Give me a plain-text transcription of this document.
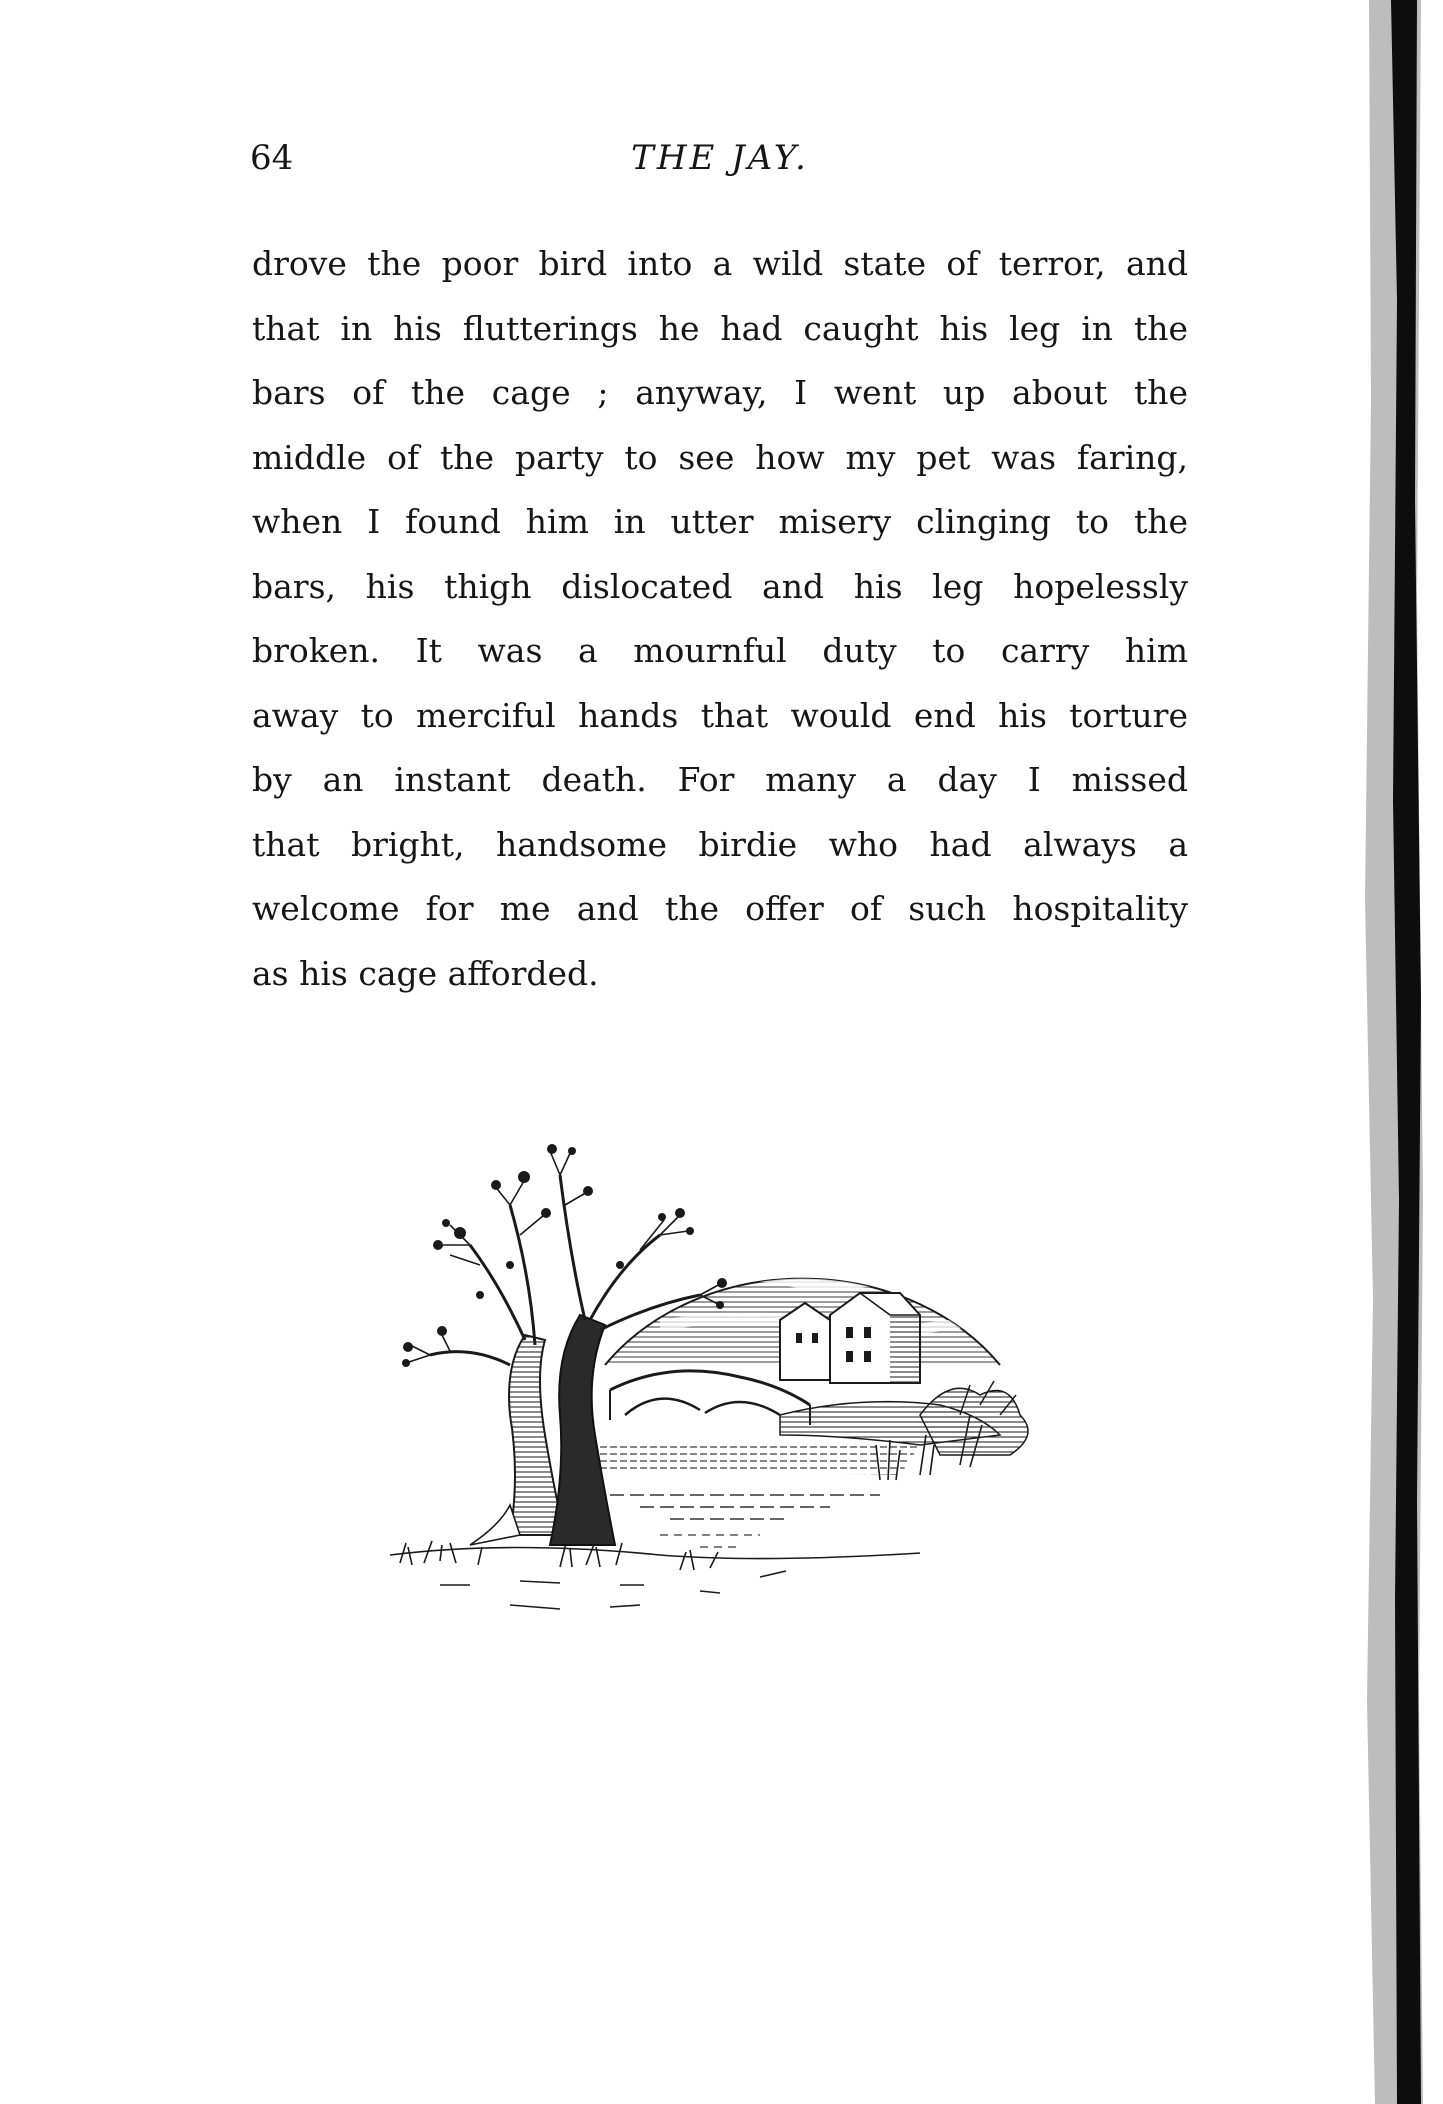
64	THE JAY.
drove the poor bird into a wild state of terror, and
that in his flutterings he had caught his leg in the
bars of the cage ; anyway, I went up about the
middle of the party to see how my pet was faring,
when I found him in utter misery clinging to the
bars, his thigh dislocated and his leg hopelessly
broken. It was a mournful duty to carry him
away to merciful hands that would end his torture
by an instant death. For many a day I missed
that bright, handsome birdie who had always a
welcome for me and the offer of such hospitality
as his cage afforded.
